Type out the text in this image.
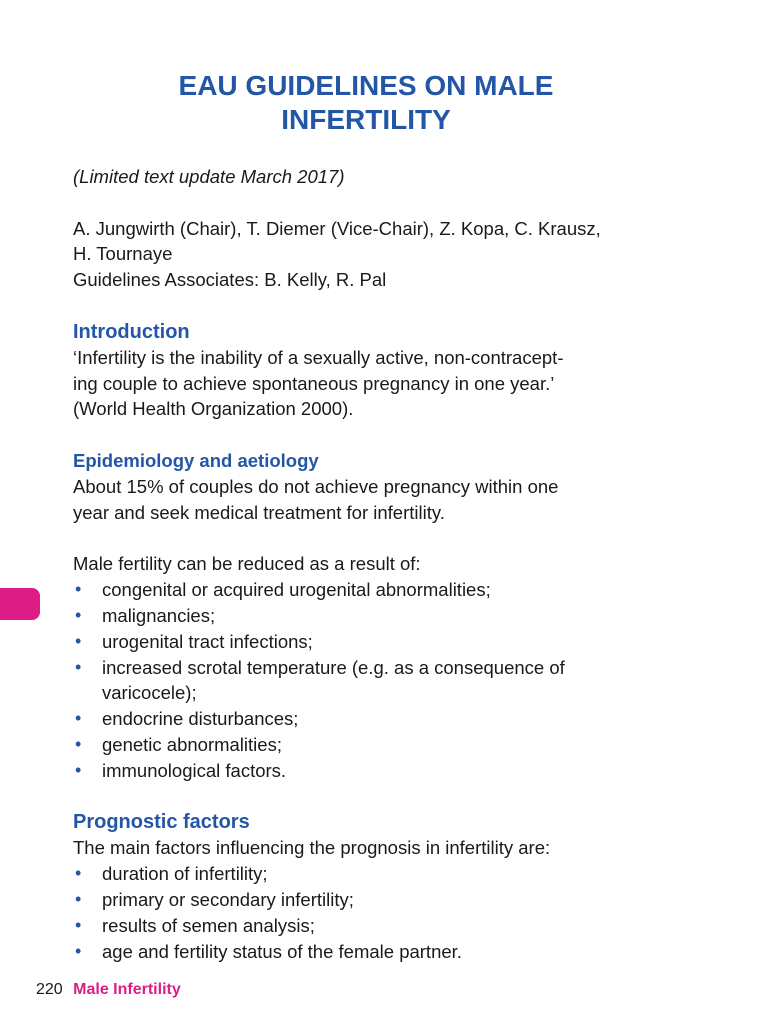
EAU GUIDELINES ON MALE
INFERTILITY

(Limited text update March 2017)

A. Jungwirth (Chair), T. Diemer (Vice-Chair), Z. Kopa, C. Krausz,

H. Tournaye

Guidelines Associates: B. Kelly, R. Pal

Introduction

‘Infertility is the inability of a sexually active, non-contracept-

ing couple to achieve spontaneous pregnancy in one year.’

(World Health Organization 2000).

Epidemiology and aetiology

About 15% of couples do not achieve pregnancy within one

year and seek medical treatment for infertility.

Male fertility can be reduced as a result of:

• congenital or acquired urogenital abnormalities;
• malignancies;
• urogenital tract infections;
• increased scrotal temperature (e.g. as a consequence of varicocele);
• endocrine disturbances;
• genetic abnormalities;
• immunological factors.
Prognostic factors

The main factors influencing the prognosis in infertility are:

• duration of infertility;
• primary or secondary infertility;
• results of semen analysis;
• age and fertility status of the female partner.
220 Male Infertility
